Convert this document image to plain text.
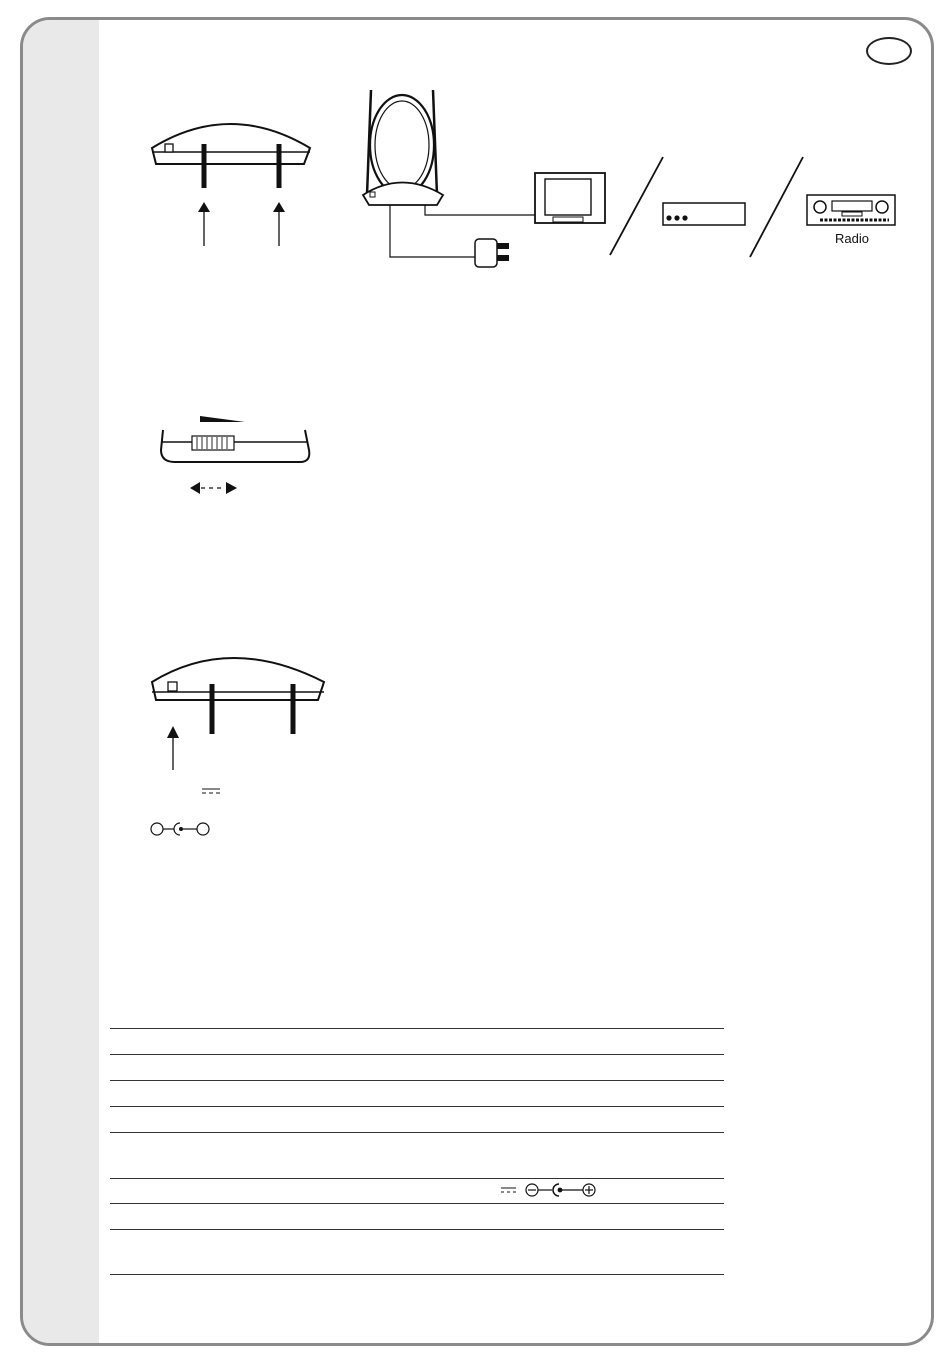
Radio
